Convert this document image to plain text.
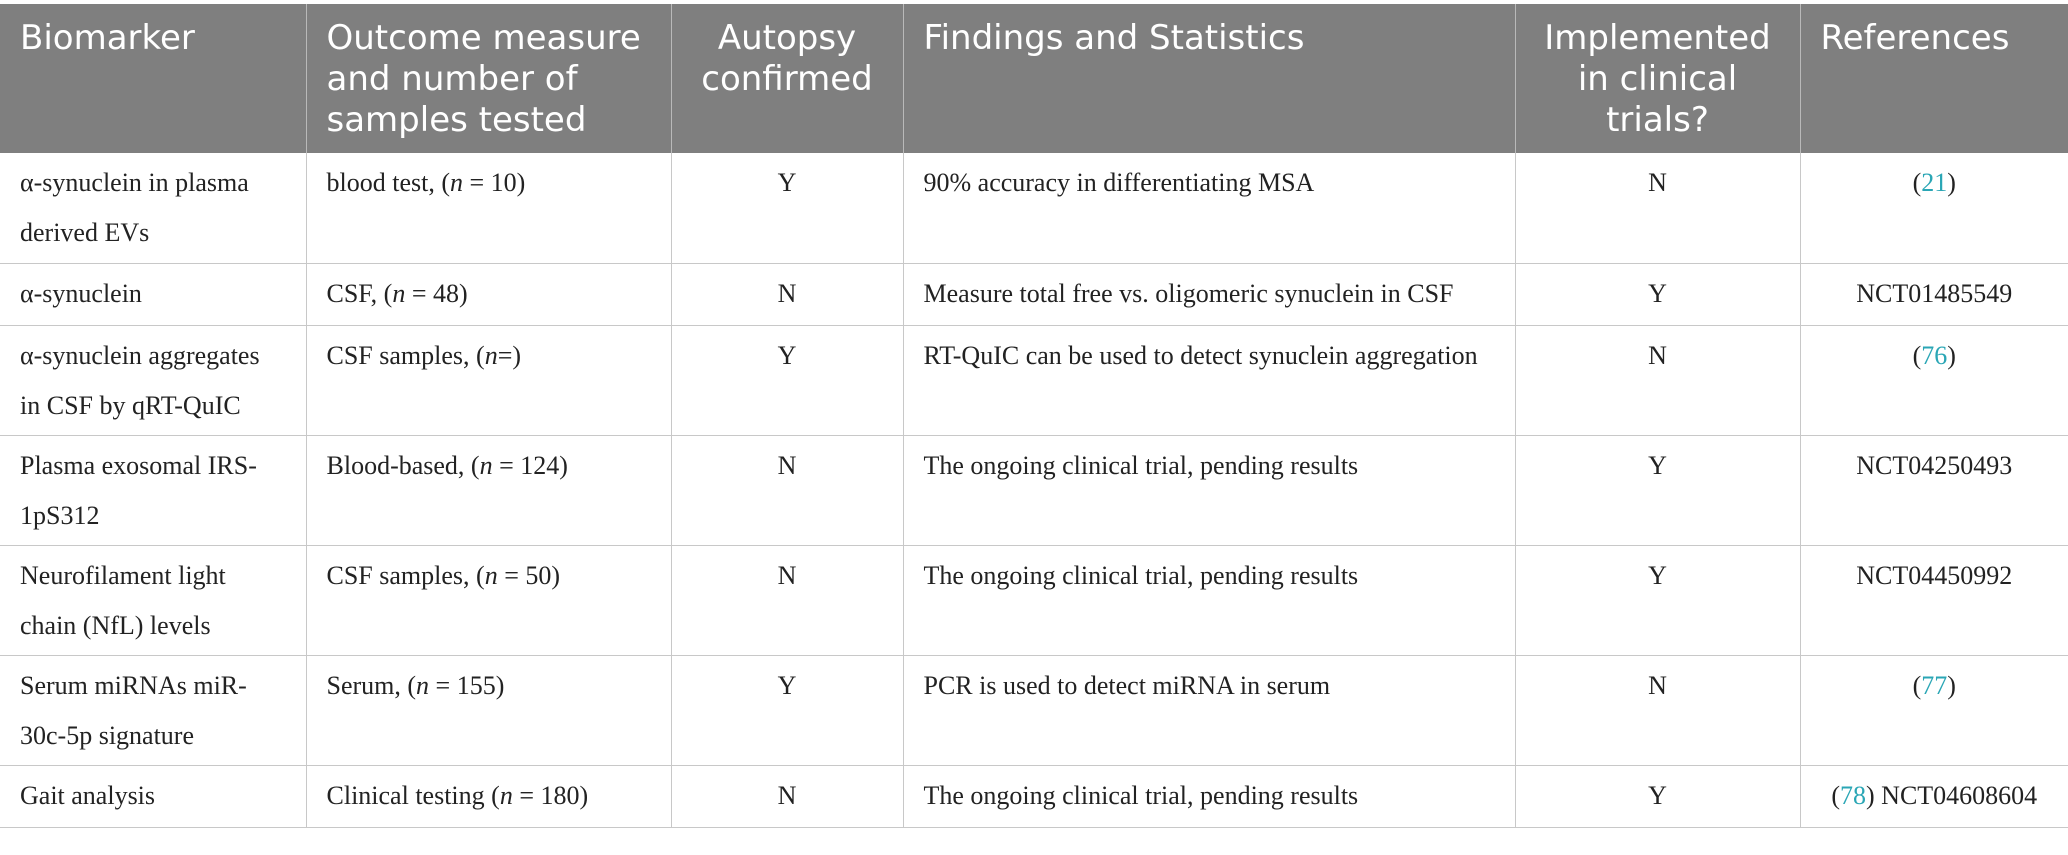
Biomarker	Outcome measure and number of samples tested	Autopsy confirmed	Findings and Statistics	Implemented in clinical trials?	References
α-synuclein in plasma derived EVs	blood test, (n = 10)	Y	90% accuracy in differentiating MSA	N	(21)
α-synuclein	CSF, (n = 48)	N	Measure total free vs. oligomeric synuclein in CSF	Y	NCT01485549
α-synuclein aggregates in CSF by qRT-QuIC	CSF samples, (n=)	Y	RT-QuIC can be used to detect synuclein aggregation	N	(76)
Plasma exosomal IRS-1pS312	Blood-based, (n = 124)	N	The ongoing clinical trial, pending results	Y	NCT04250493
Neurofilament light chain (NfL) levels	CSF samples, (n = 50)	N	The ongoing clinical trial, pending results	Y	NCT04450992
Serum miRNAs miR-30c-5p signature	Serum, (n = 155)	Y	PCR is used to detect miRNA in serum	N	(77)
Gait analysis	Clinical testing (n = 180)	N	The ongoing clinical trial, pending results	Y	(78) NCT04608604
